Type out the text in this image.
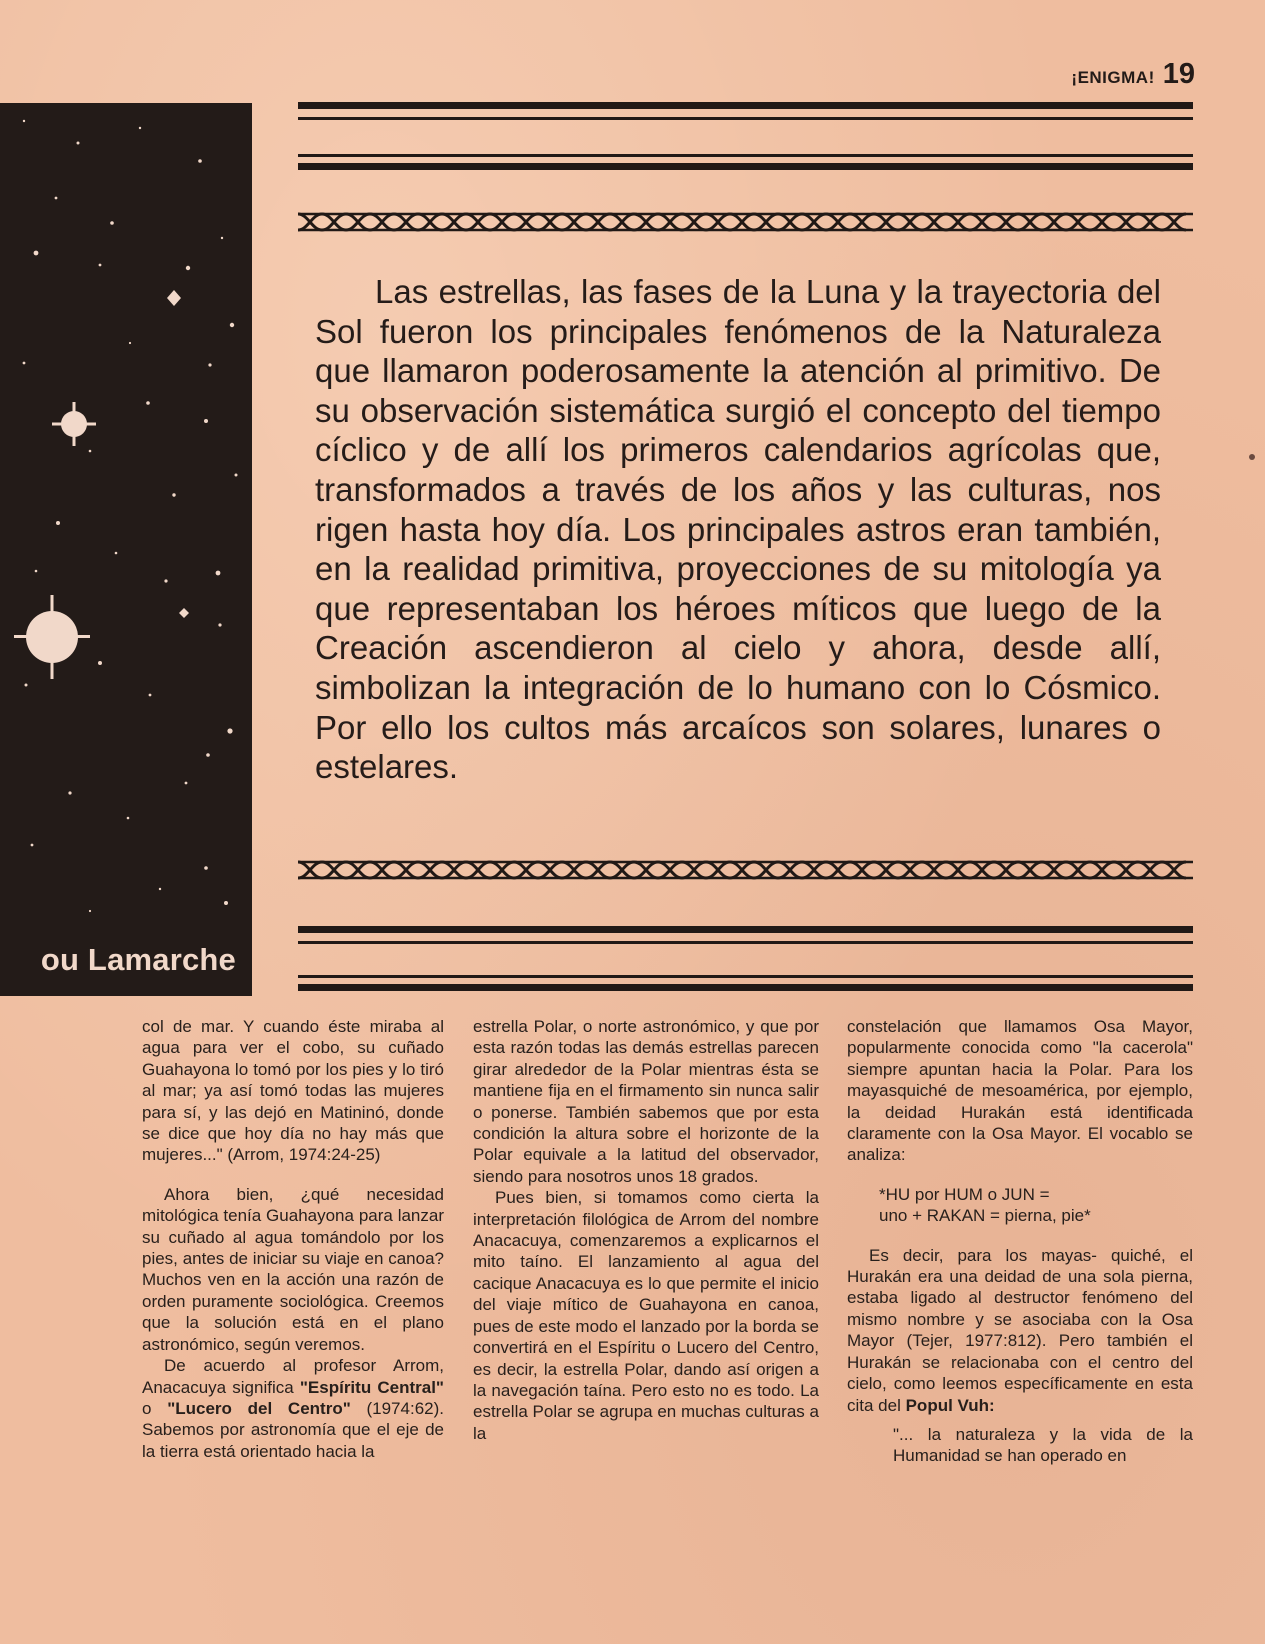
¡ENIGMA! 19
ou Lamarche
Las estrellas, las fases de la Luna y la trayectoria del Sol fueron los principales fenómenos de la Naturaleza que llamaron poderosamente la atención al primitivo. De su observación sistemática surgió el concepto del tiempo cíclico y de allí los primeros calendarios agrícolas que, transformados a través de los años y las culturas, nos rigen hasta hoy día. Los principales astros eran también, en la realidad primitiva, proyecciones de su mitología ya que representaban los héroes míticos que luego de la Creación ascendieron al cielo y ahora, desde allí, simbolizan la integración de lo humano con lo Cósmico. Por ello los cultos más arcaícos son solares, lunares o estelares.

col de mar. Y cuando éste miraba al agua para ver el cobo, su cuñado Guahayona lo tomó por los pies y lo tiró al mar; ya así tomó todas las mujeres para sí, y las dejó en Matininó, donde se dice que hoy día no hay más que mujeres..." (Arrom, 1974:24-25)

Ahora bien, ¿qué necesidad mitológica tenía Guahayona para lanzar su cuñado al agua tomándolo por los pies, antes de iniciar su viaje en canoa? Muchos ven en la acción una razón de orden puramente sociológica. Creemos que la solución está en el plano astronómico, según veremos.

De acuerdo al profesor Arrom, Anacacuya significa "Espíritu Central" o "Lucero del Centro" (1974:62). Sabemos por astronomía que el eje de la tierra está orientado hacia la

estrella Polar, o norte astronómico, y que por esta razón todas las demás estrellas parecen girar alrededor de la Polar mientras ésta se mantiene fija en el firmamento sin nunca salir o ponerse. También sabemos que por esta condición la altura sobre el horizonte de la Polar equivale a la latitud del observador, siendo para nosotros unos 18 grados.

Pues bien, si tomamos como cierta la interpretación filológica de Arrom del nombre Anacacuya, comenzaremos a explicarnos el mito taíno. El lanzamiento al agua del cacique Anacacuya es lo que permite el inicio del viaje mítico de Guahayona en canoa, pues de este modo el lanzado por la borda se convertirá en el Espíritu o Lucero del Centro, es decir, la estrella Polar, dando así origen a la navegación taína. Pero esto no es todo. La estrella Polar se agrupa en muchas culturas a la

constelación que llamamos Osa Mayor, popularmente conocida como "la cacerola" siempre apuntan hacia la Polar. Para los mayasquiché de mesoamérica, por ejemplo, la deidad Hurakán está identificada claramente con la Osa Mayor. El vocablo se analiza:

*HU por HUM o JUN =

uno + RAKAN = pierna, pie*

Es decir, para los mayas- quiché, el Hurakán era una deidad de una sola pierna, estaba ligado al destructor fenómeno del mismo nombre y se asociaba con la Osa Mayor (Tejer, 1977:812). Pero también el Hurakán se relacionaba con el centro del cielo, como leemos específicamente en esta cita del Popul Vuh:

"... la naturaleza y la vida de la Humanidad se han operado en
